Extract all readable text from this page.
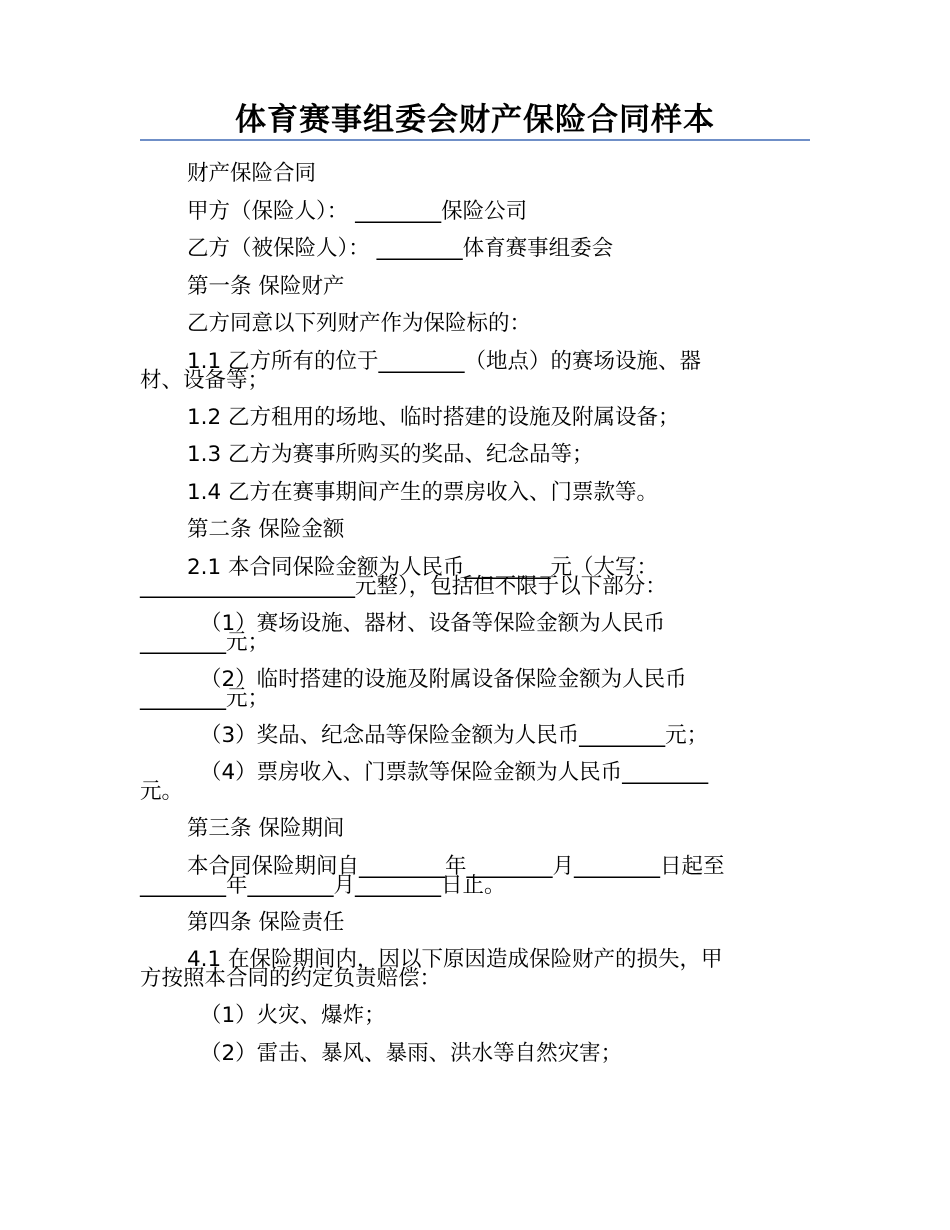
体育赛事组委会财产保险合同样本
财产保险合同
甲方（保险人）： ________保险公司
乙方（被保险人）： ________体育赛事组委会
第一条 保险财产
乙方同意以下列财产作为保险标的：
1.1 乙方所有的位于________（地点）的赛场设施、器
材、设备等；
1.2 乙方租用的场地、临时搭建的设施及附属设备；
1.3 乙方为赛事所购买的奖品、纪念品等；
1.4 乙方在赛事期间产生的票房收入、门票款等。
第二条 保险金额
2.1 本合同保险金额为人民币________元（大写：
____________________元整），包括但不限于以下部分：
（1）赛场设施、器材、设备等保险金额为人民币
________元；
（2）临时搭建的设施及附属设备保险金额为人民币
________元；
（3）奖品、纪念品等保险金额为人民币________元；
（4）票房收入、门票款等保险金额为人民币________
元。
第三条 保险期间
本合同保险期间自________年________月________日起至
________年________月________日止。
第四条 保险责任
4.1 在保险期间内，因以下原因造成保险财产的损失，甲
方按照本合同的约定负责赔偿：
（1）火灾、爆炸；
（2）雷击、暴风、暴雨、洪水等自然灾害；
